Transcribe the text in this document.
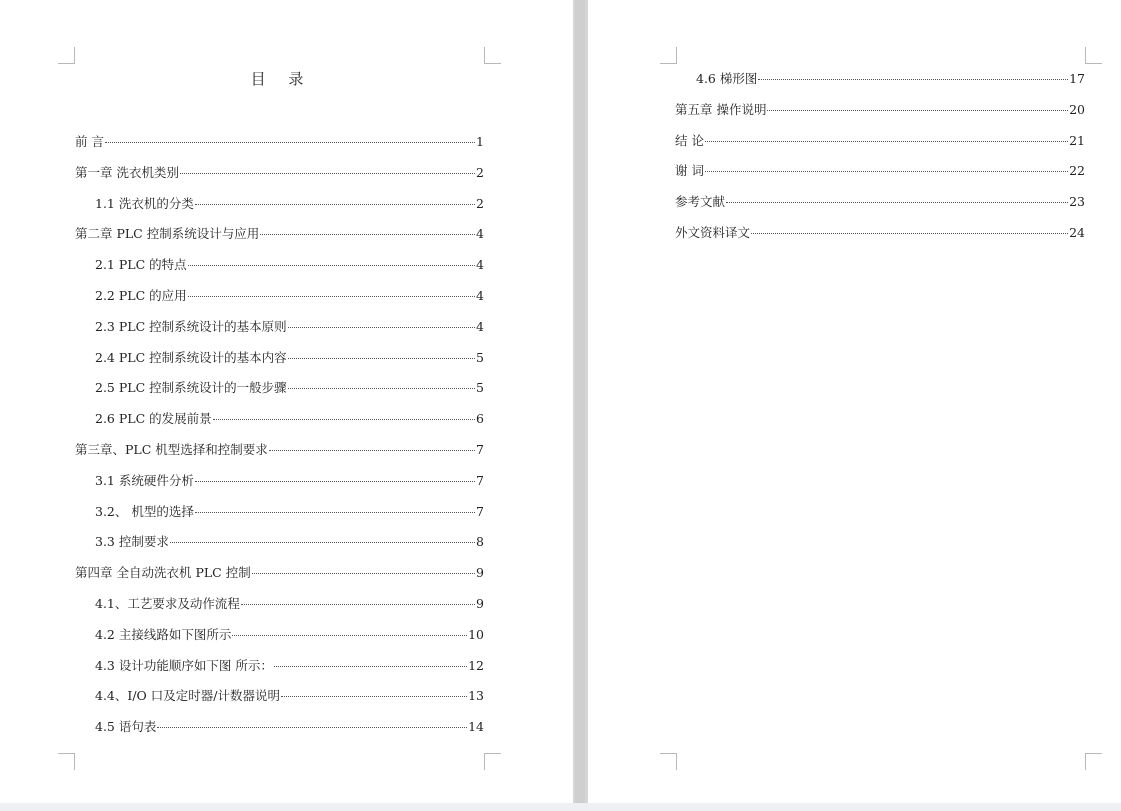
目 录
前 言	1
第一章 洗衣机类别	2
1.1 洗衣机的分类	2
第二章 PLC 控制系统设计与应用	4
2.1 PLC 的特点	4
2.2 PLC 的应用	4
2.3 PLC 控制系统设计的基本原则	4
2.4 PLC 控制系统设计的基本内容	5
2.5 PLC 控制系统设计的一般步骤	5
2.6 PLC 的发展前景	6
第三章、PLC 机型选择和控制要求	7
3.1 系统硬件分析	7
3.2、 机型的选择	7
3.3 控制要求	8
第四章 全自动洗衣机 PLC 控制	9
4.1、工艺要求及动作流程	9
4.2 主接线路如下图所示	10
4.3 设计功能顺序如下图 所示：	12
4.4、I/O 口及定时器/计数器说明	13
4.5 语句表	14
4.6 梯形图	17
第五章 操作说明	20
结 论	21
谢 词	22
参考文献	23
外文资料译文	24
